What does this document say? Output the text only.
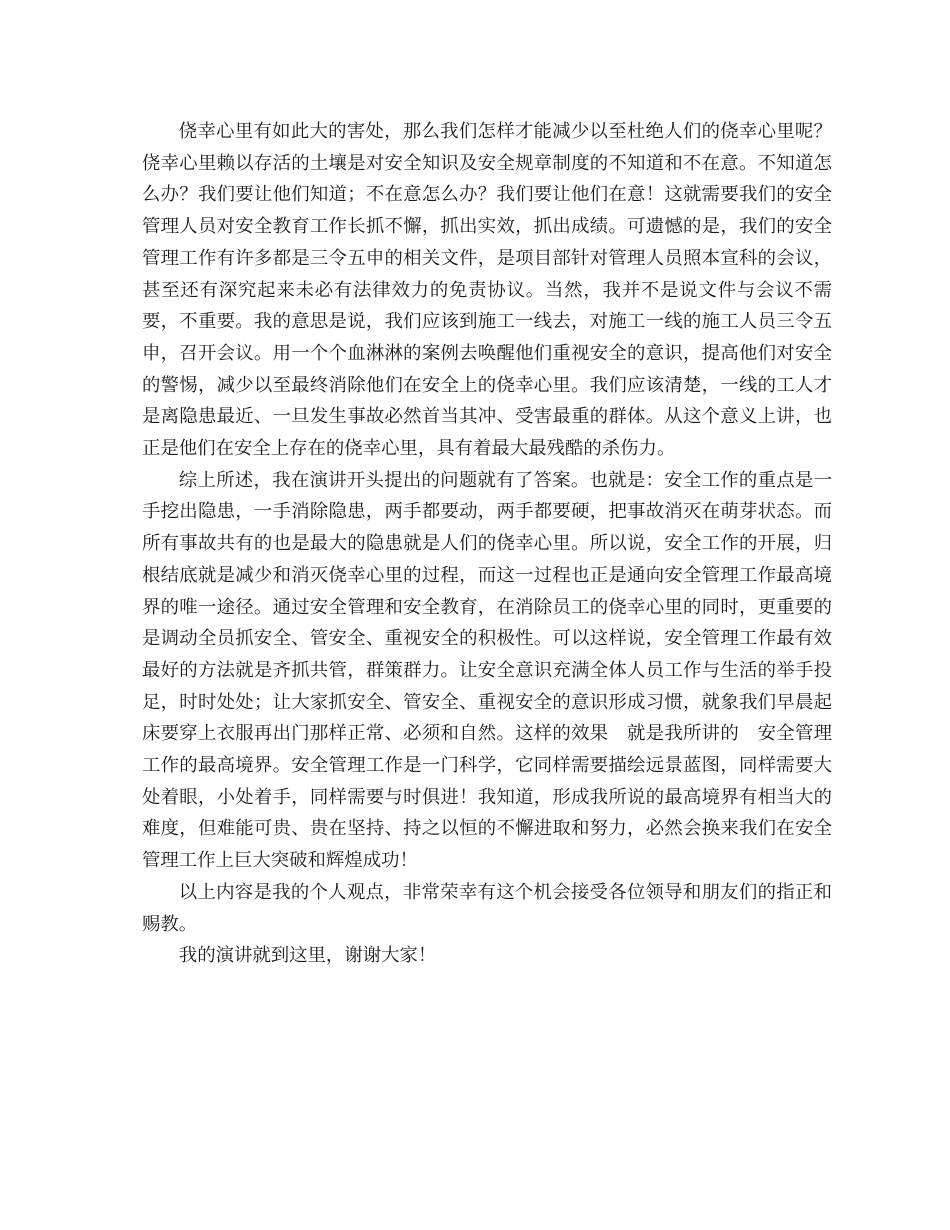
侥幸心里有如此大的害处，那么我们怎样才能减少以至杜绝人们的侥幸心里呢？侥幸心里赖以存活的土壤是对安全知识及安全规章制度的不知道和不在意。不知道怎么办？我们要让他们知道；不在意怎么办？我们要让他们在意！这就需要我们的安全管理人员对安全教育工作长抓不懈，抓出实效，抓出成绩。可遗憾的是，我们的安全管理工作有许多都是三令五申的相关文件，是项目部针对管理人员照本宣科的会议，甚至还有深究起来未必有法律效力的免责协议。当然，我并不是说文件与会议不需要，不重要。我的意思是说，我们应该到施工一线去，对施工一线的施工人员三令五申，召开会议。用一个个血淋淋的案例去唤醒他们重视安全的意识，提高他们对安全的警惕，减少以至最终消除他们在安全上的侥幸心里。我们应该清楚，一线的工人才是离隐患最近、一旦发生事故必然首当其冲、受害最重的群体。从这个意义上讲，也正是他们在安全上存在的侥幸心里，具有着最大最残酷的杀伤力。

综上所述，我在演讲开头提出的问题就有了答案。也就是：安全工作的重点是一手挖出隐患，一手消除隐患，两手都要动，两手都要硬，把事故消灭在萌芽状态。而所有事故共有的也是最大的隐患就是人们的侥幸心里。所以说，安全工作的开展，归根结底就是减少和消灭侥幸心里的过程，而这一过程也正是通向安全管理工作最高境界的唯一途径。通过安全管理和安全教育，在消除员工的侥幸心里的同时，更重要的是调动全员抓安全、管安全、重视安全的积极性。可以这样说，安全管理工作最有效最好的方法就是齐抓共管，群策群力。让安全意识充满全体人员工作与生活的举手投足，时时处处；让大家抓安全、管安全、重视安全的意识形成习惯，就象我们早晨起床要穿上衣服再出门那样正常、必须和自然。这样的效果　就是我所讲的　安全管理工作的最高境界。安全管理工作是一门科学，它同样需要描绘远景蓝图，同样需要大处着眼，小处着手，同样需要与时俱进！我知道，形成我所说的最高境界有相当大的难度，但难能可贵、贵在坚持、持之以恒的不懈进取和努力，必然会换来我们在安全管理工作上巨大突破和辉煌成功！

以上内容是我的个人观点，非常荣幸有这个机会接受各位领导和朋友们的指正和赐教。

我的演讲就到这里，谢谢大家！
